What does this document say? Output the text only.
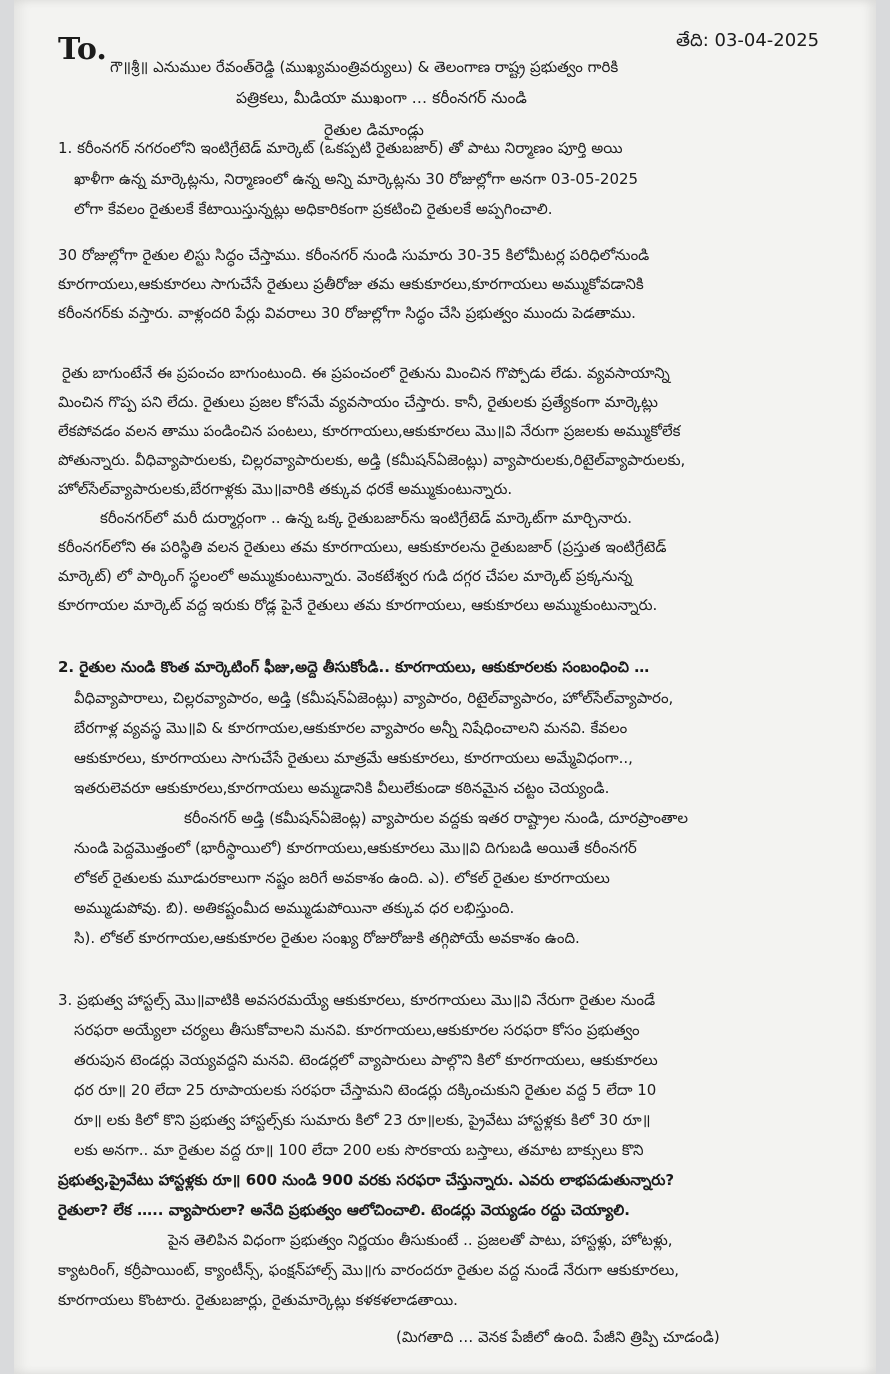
తేది: 03-04-2025
To. గౌ॥శ్రీ॥ ఎనుముల రేవంత్‌రెడ్డి (ముఖ్యమంత్రివర్యులు) & తెలంగాణ రాష్ట్ర ప్రభుత్వం గారికి
పత్రికలు, మీడియా ముఖంగా … కరీంనగర్ నుండి
రైతుల డిమాండ్లు
1. కరీంనగర్ నగరంలోని ఇంటిగ్రేటెడ్ మార్కెట్ (ఒకప్పటి రైతుబజార్) తో పాటు నిర్మాణం పూర్తి అయి
ఖాళీగా ఉన్న మార్కెట్లను, నిర్మాణంలో ఉన్న అన్ని మార్కెట్లను 30 రోజుల్లోగా అనగా 03-05-2025
లోగా కేవలం రైతులకే కేటాయిస్తున్నట్లు అధికారికంగా ప్రకటించి రైతులకే అప్పగించాలి.
30 రోజుల్లోగా రైతుల లిస్టు సిద్ధం చేస్తాము. కరీంనగర్ నుండి సుమారు 30-35 కిలోమీటర్ల పరిధిలోనుండి
కూరగాయలు,ఆకుకూరలు సాగుచేసే రైతులు ప్రతీరోజు తమ ఆకుకూరలు,కూరగాయలు అమ్ముకోవడానికి
కరీంనగర్‌కు వస్తారు. వాళ్లందరి పేర్లు వివరాలు 30 రోజుల్లోగా సిద్ధం చేసి ప్రభుత్వం ముందు పెడతాము.
రైతు బాగుంటేనే ఈ ప్రపంచం బాగుంటుంది. ఈ ప్రపంచంలో రైతును మించిన గొప్పోడు లేడు. వ్యవసాయాన్ని
మించిన గొప్ప పని లేదు. రైతులు ప్రజల కోసమే వ్యవసాయం చేస్తారు. కానీ, రైతులకు ప్రత్యేకంగా మార్కెట్లు
లేకపోవడం వలన తాము పండించిన పంటలు, కూరగాయలు,ఆకుకూరలు మొ॥వి నేరుగా ప్రజలకు అమ్ముకోలేక
పోతున్నారు. వీధివ్యాపారులకు, చిల్లరవ్యాపారులకు, అడ్తి (కమీషన్‌ఏజెంట్లు) వ్యాపారులకు,రిటైల్‌వ్యాపారులకు,
హోల్‌సేల్‌వ్యాపారులకు,బేరగాళ్లకు మొ॥వారికి తక్కువ ధరకే అమ్ముకుంటున్నారు.
కరీంనగర్‌లో మరీ దుర్మార్గంగా .. ఉన్న ఒక్క రైతుబజార్‌ను ఇంటిగ్రేటెడ్ మార్కెట్‌గా మార్చినారు.
కరీంనగర్‌లోని ఈ పరిస్థితి వలన రైతులు తమ కూరగాయలు, ఆకుకూరలను రైతుబజార్ (ప్రస్తుత ఇంటిగ్రేటెడ్
మార్కెట్) లో పార్కింగ్ స్థలంలో అమ్ముకుంటున్నారు. వెంకటేశ్వర గుడి దగ్గర చేపల మార్కెట్ ప్రక్కనున్న
కూరగాయల మార్కెట్ వద్ద ఇరుకు రోడ్ల పైనే రైతులు తమ కూరగాయలు, ఆకుకూరలు అమ్ముకుంటున్నారు.
2. రైతుల నుండి కొంత మార్కెటింగ్ ఫీజు,అద్దె తీసుకోండి.. కూరగాయలు, ఆకుకూరలకు సంబంధించి …
వీధివ్యాపారాలు, చిల్లరవ్యాపారం, అడ్తి (కమీషన్‌ఏజెంట్లు) వ్యాపారం, రిటైల్‌వ్యాపారం, హోల్‌సేల్‌వ్యాపారం,
బేరగాళ్ల వ్యవస్థ మొ॥వి & కూరగాయల,ఆకుకూరల వ్యాపారం అన్నీ నిషేధించాలని మనవి. కేవలం
ఆకుకూరలు, కూరగాయలు సాగుచేసే రైతులు మాత్రమే ఆకుకూరలు, కూరగాయలు అమ్మేవిధంగా..,
ఇతరులెవరూ ఆకుకూరలు,కూరగాయలు అమ్మడానికి వీలులేకుండా కఠినమైన చట్టం చెయ్యండి.
కరీంనగర్ అడ్తి (కమీషన్‌ఏజెంట్ల) వ్యాపారుల వద్దకు ఇతర రాష్ట్రాల నుండి, దూరప్రాంతాల
నుండి పెద్దమొత్తంలో (భారీస్థాయిలో) కూరగాయలు,ఆకుకూరలు మొ॥వి దిగుబడి అయితే కరీంనగర్
లోకల్ రైతులకు మూడురకాలుగా నష్టం జరిగే అవకాశం ఉంది. ఎ). లోకల్ రైతుల కూరగాయలు
అమ్ముడుపోవు. బి). అతికష్టంమీద అమ్ముడుపోయినా తక్కువ ధర లభిస్తుంది.
సి). లోకల్ కూరగాయల,ఆకుకూరల రైతుల సంఖ్య రోజురోజుకి తగ్గిపోయే అవకాశం ఉంది.
3. ప్రభుత్వ హాస్టల్స్ మొ॥వాటికి అవసరమయ్యే ఆకుకూరలు, కూరగాయలు మొ॥వి నేరుగా రైతుల నుండే
సరఫరా అయ్యేలా చర్యలు తీసుకోవాలని మనవి. కూరగాయలు,ఆకుకూరల సరఫరా కోసం ప్రభుత్వం
తరుపున టెండర్లు వెయ్యవద్దని మనవి. టెండర్లలో వ్యాపారులు పాల్గొని కిలో కూరగాయలు, ఆకుకూరలు
ధర రూ॥ 20 లేదా 25 రూపాయలకు సరఫరా చేస్తామని టెండర్లు దక్కించుకుని రైతుల వద్ద 5 లేదా 10
రూ॥ లకు కిలో కొని ప్రభుత్వ హాస్టల్స్‌కు సుమారు కిలో 23 రూ॥లకు, ప్రైవేటు హాస్టళ్లకు కిలో 30 రూ॥
లకు అనగా.. మా రైతుల వద్ద రూ॥ 100 లేదా 200 లకు సొరకాయ బస్తాలు, తమాట బాక్సులు కొని
ప్రభుత్వ,ప్రైవేటు హాస్టళ్లకు రూ॥ 600 నుండి 900 వరకు సరఫరా చేస్తున్నారు. ఎవరు లాభపడుతున్నారు?
రైతులా? లేక ….. వ్యాపారులా? అనేది ప్రభుత్వం ఆలోచించాలి. టెండర్లు వెయ్యడం రద్దు చెయ్యాలి.
పైన తెలిపిన విధంగా ప్రభుత్వం నిర్ణయం తీసుకుంటే .. ప్రజలతో పాటు, హాస్టళ్లు, హోటళ్లు,
క్యాటరింగ్, కర్రీపాయింట్, క్యాంటీన్స్, ఫంక్షన్‌హాల్స్ మొ॥గు వారందరూ రైతుల వద్ద నుండే నేరుగా ఆకుకూరలు,
కూరగాయలు కొంటారు. రైతుబజార్లు, రైతుమార్కెట్లు కళకళలాడతాయి.
(మిగతాది … వెనక పేజీలో ఉంది. పేజీని త్రిప్పి చూడండి)
